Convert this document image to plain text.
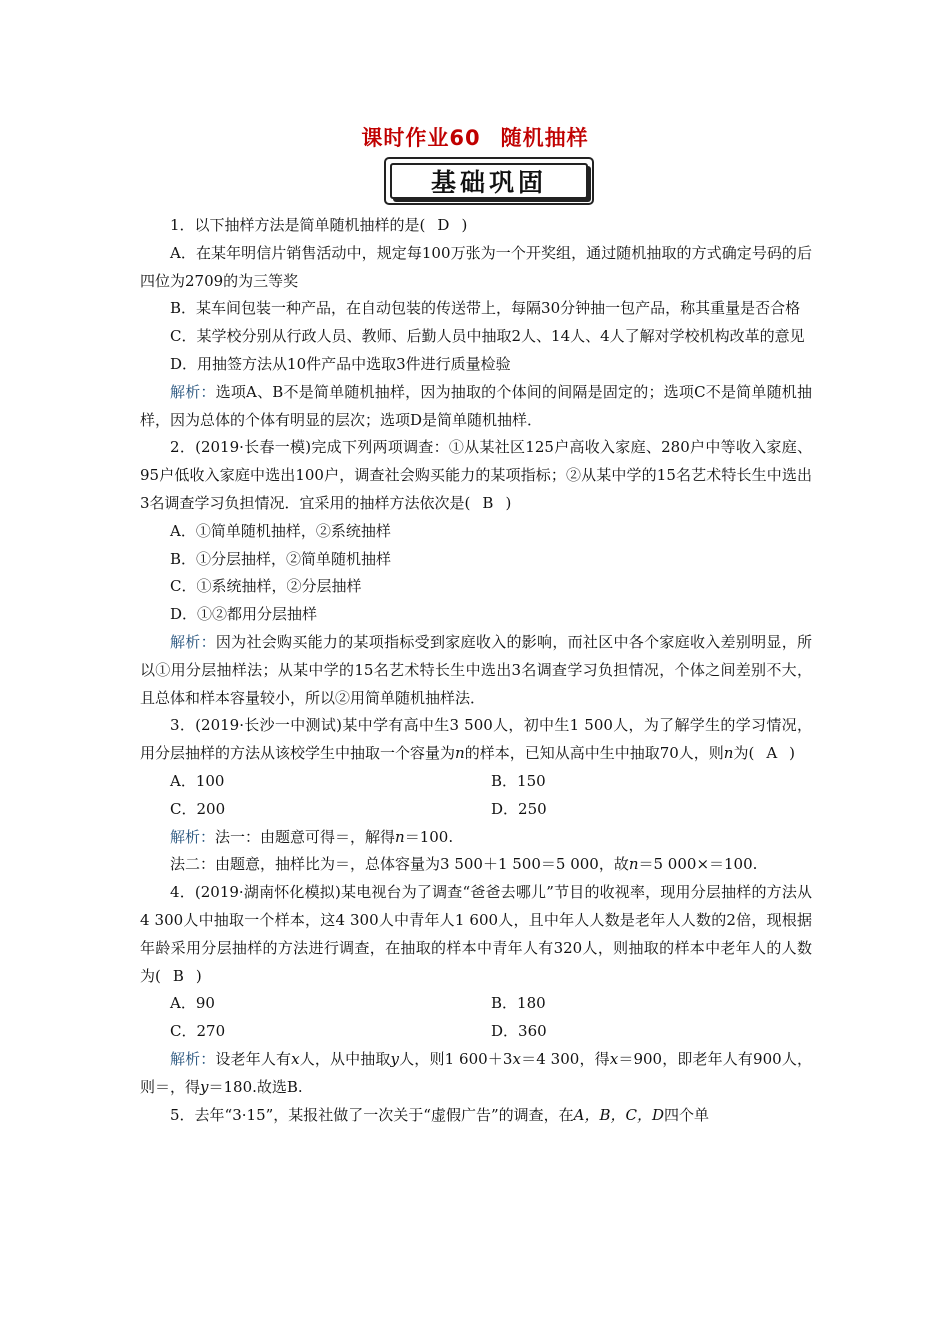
课时作业60 随机抽样
基础巩固

1．以下抽样方法是简单随机抽样的是( D )

A．在某年明信片销售活动中，规定每100万张为一个开奖组，通过随机抽取的方式确定号码的后四位为2709的为三等奖

B．某车间包装一种产品，在自动包装的传送带上，每隔30分钟抽一包产品，称其重量是否合格

C．某学校分别从行政人员、教师、后勤人员中抽取2人、14人、4人了解对学校机构改革的意见

D．用抽签方法从10件产品中选取3件进行质量检验

解析：选项A、B不是简单随机抽样，因为抽取的个体间的间隔是固定的；选项C不是简单随机抽样，因为总体的个体有明显的层次；选项D是简单随机抽样．

2．(2019·长春一模)完成下列两项调查：①从某社区125户高收入家庭、280户中等收入家庭、95户低收入家庭中选出100户，调查社会购买能力的某项指标；②从某中学的15名艺术特长生中选出3名调查学习负担情况．宜采用的抽样方法依次是( B )

A．①简单随机抽样，②系统抽样

B．①分层抽样，②简单随机抽样

C．①系统抽样，②分层抽样

D．①②都用分层抽样

解析：因为社会购买能力的某项指标受到家庭收入的影响，而社区中各个家庭收入差别明显，所以①用分层抽样法；从某中学的15名艺术特长生中选出3名调查学习负担情况，个体之间差别不大，且总体和样本容量较小，所以②用简单随机抽样法．

3．(2019·长沙一中测试)某中学有高中生3 500人，初中生1 500人，为了解学生的学习情况，用分层抽样的方法从该校学生中抽取一个容量为n的样本，已知从高中生中抽取70人，则n为( A )

A．100	B．150
C．200	D．250

解析：法一：由题意可得＝，解得n＝100.

法二：由题意，抽样比为＝，总体容量为3 500＋1 500＝5 000，故n＝5 000×＝100.

4．(2019·湖南怀化模拟)某电视台为了调查“爸爸去哪儿”节目的收视率，现用分层抽样的方法从4 300人中抽取一个样本，这4 300人中青年人1 600人，且中年人人数是老年人人数的2倍，现根据年龄采用分层抽样的方法进行调查，在抽取的样本中青年人有320人，则抽取的样本中老年人的人数为( B )

A．90	B．180
C．270	D．360

解析：设老年人有x人，从中抽取y人，则1 600＋3x＝4 300，得x＝900，即老年人有900人，则＝，得y＝180.故选B.

5．去年“3·15”，某报社做了一次关于“虚假广告”的调查，在A，B，C，D四个单
